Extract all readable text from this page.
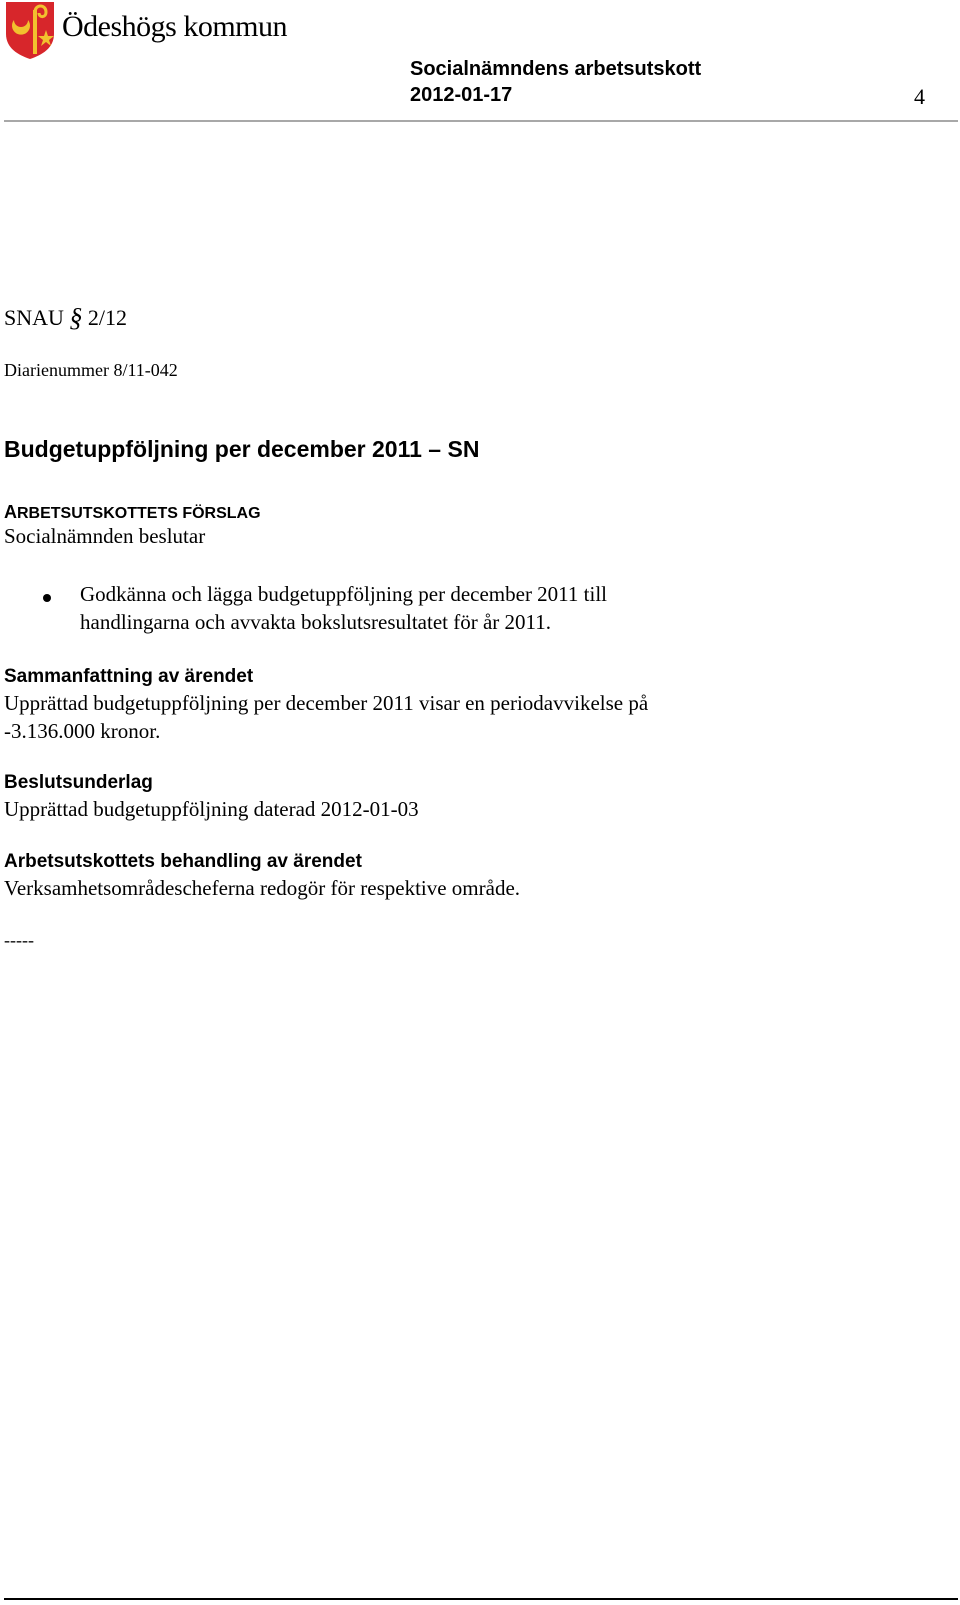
Ödeshögs kommun
Socialnämndens arbetsutskott
2012-01-17	4
SNAU § 2/12
Diarienummer 8/11-042
Budgetuppföljning per december 2011 – SN
ARBETSUTSKOTTETS FÖRSLAG
Socialnämnden beslutar
Godkänna och lägga budgetuppföljning per december 2011 till
handlingarna och avvakta bokslutsresultatet för år 2011.
Sammanfattning av ärendet
Upprättad budgetuppföljning per december 2011 visar en periodavvikelse på
-3.136.000 kronor.
Beslutsunderlag
Upprättad budgetuppföljning daterad 2012-01-03
Arbetsutskottets behandling av ärendet
Verksamhetsområdescheferna redogör för respektive område.
-----
